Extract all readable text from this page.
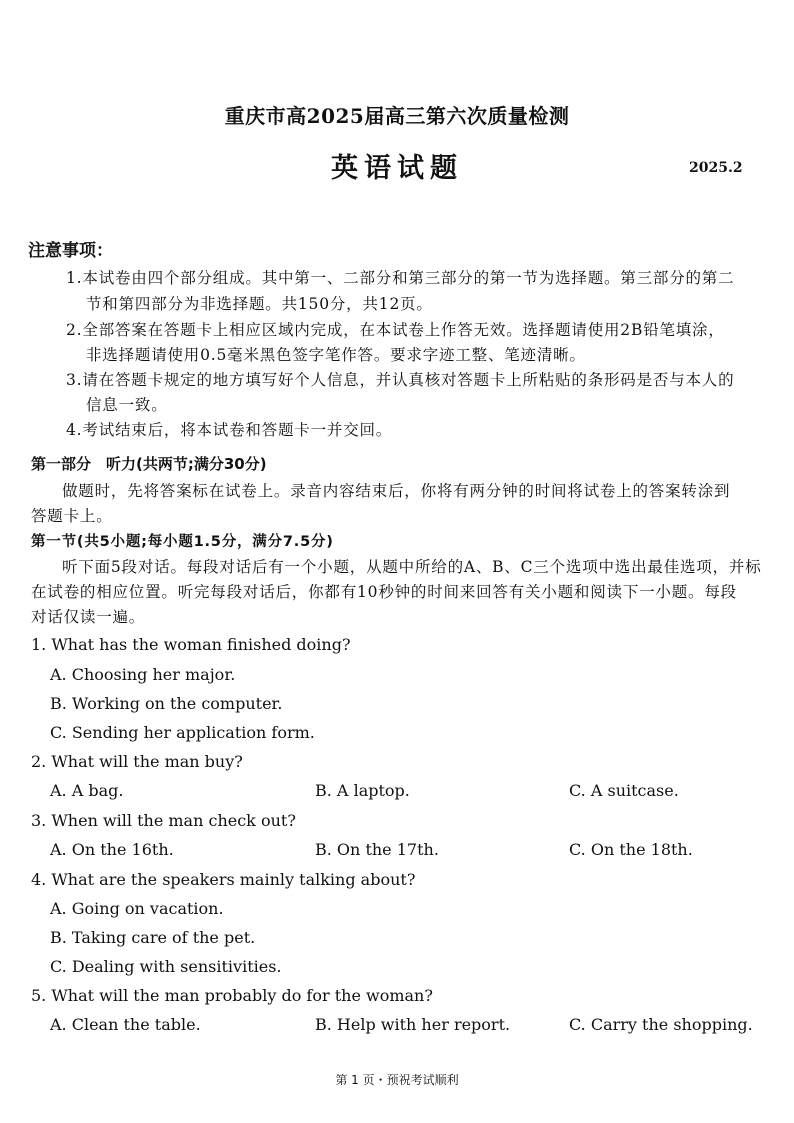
重庆市高2025届高三第六次质量检测
英语试题	2025.2
注意事项：
1.本试卷由四个部分组成。其中第一、二部分和第三部分的第一节为选择题。第三部分的第二
节和第四部分为非选择题。共150分，共12页。
2.全部答案在答题卡上相应区域内完成，在本试卷上作答无效。选择题请使用2B铅笔填涂，
非选择题请使用0.5毫米黑色签字笔作答。要求字迹工整、笔迹清晰。
3.请在答题卡规定的地方填写好个人信息，并认真核对答题卡上所粘贴的条形码是否与本人的
信息一致。
4.考试结束后，将本试卷和答题卡一并交回。
第一部分　听力(共两节;满分30分)
做题时，先将答案标在试卷上。录音内容结束后，你将有两分钟的时间将试卷上的答案转涂到
答题卡上。
第一节(共5小题;每小题1.5分，满分7.5分)
听下面5段对话。每段对话后有一个小题，从题中所给的A、B、C三个选项中选出最佳选项，并标
在试卷的相应位置。听完每段对话后，你都有10秒钟的时间来回答有关小题和阅读下一小题。每段
对话仅读一遍。
1. What has the woman finished doing?
A. Choosing her major.
B. Working on the computer.
C. Sending her application form.
2. What will the man buy?
A. A bag.	B. A laptop.	C. A suitcase.
3. When will the man check out?
A. On the 16th.	B. On the 17th.	C. On the 18th.
4. What are the speakers mainly talking about?
A. Going on vacation.
B. Taking care of the pet.
C. Dealing with sensitivities.
5. What will the man probably do for the woman?
A. Clean the table.	B. Help with her report.	C. Carry the shopping.
第 1 页・预祝考试顺利
